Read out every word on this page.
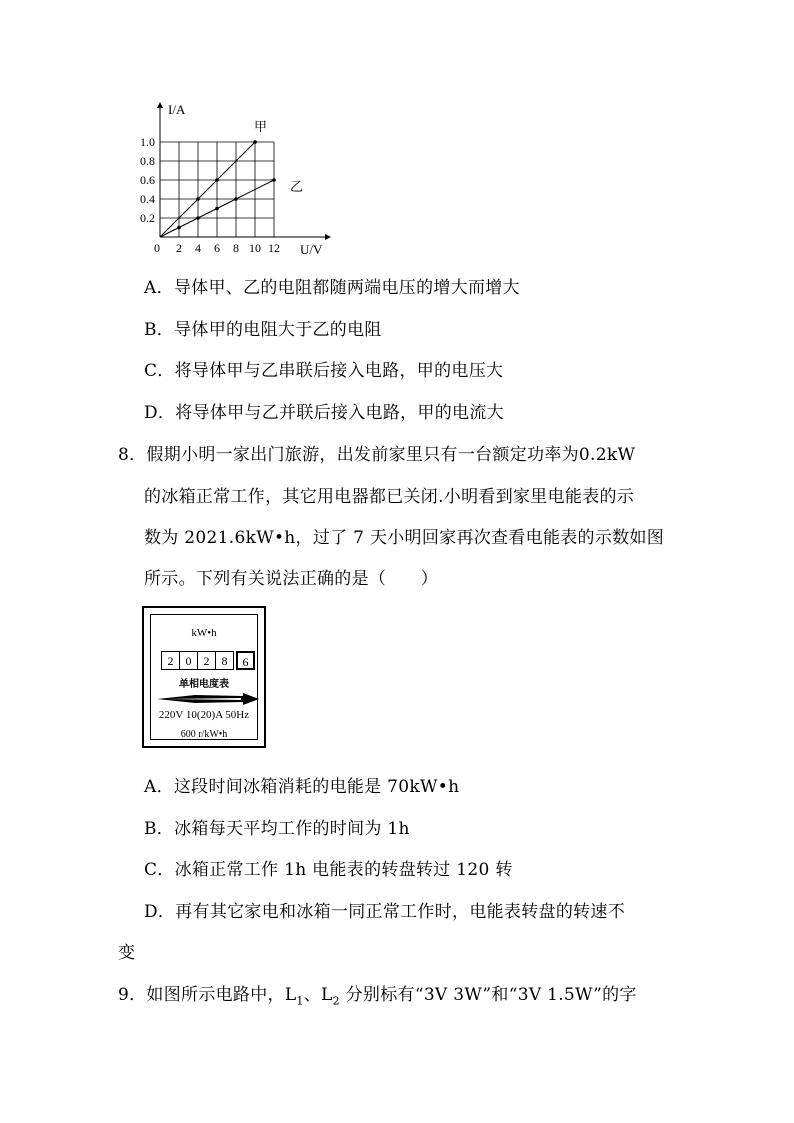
I/A
U/V
0
1.0
0.8
0.6
0.4
0.2
2 4 6 8 10 12
甲
乙
A．导体甲、乙的电阻都随两端电压的增大而增大
B．导体甲的电阻大于乙的电阻
C．将导体甲与乙串联后接入电路，甲的电压大
D．将导体甲与乙并联后接入电路，甲的电流大
8．假期小明一家出门旅游，出发前家里只有一台额定功率为0.2kW
的冰箱正常工作，其它用电器都已关闭.小明看到家里电能表的示
数为 2021.6kW•h，过了 7 天小明回家再次查看电能表的示数如图
所示。下列有关说法正确的是（　　）
kW•h
2	0	2	8	6
单相电度表
220V 10(20)A 50Hz
600 r/kW•h
A．这段时间冰箱消耗的电能是 70kW•h
B．冰箱每天平均工作的时间为 1h
C．冰箱正常工作 1h 电能表的转盘转过 120 转
D．再有其它家电和冰箱一同正常工作时，电能表转盘的转速不
变
9．如图所示电路中，$L_1$、$L_2$ 分别标有“3V 3W”和“3V 1.5W”的字
